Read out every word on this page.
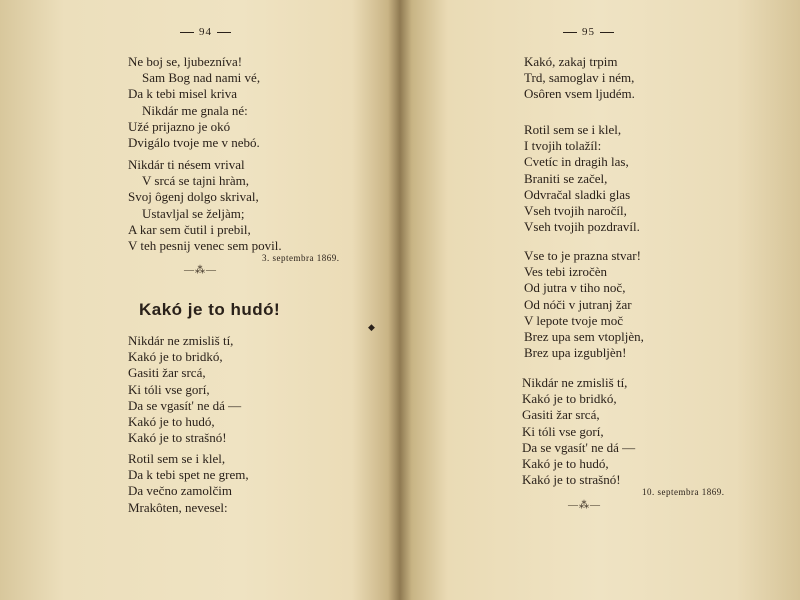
94
Ne boj se, ljubezníva!
Sam Bog nad nami vé,
Da k tebi misel kriva
Nikdár me gnala né:
Užé prijazno je okó
Dvigálo tvoje me v nebó.
Nikdár ti nésem vrival
V srcá se tajni hràm,
Svoj ôgenj dolgo skrival,
Ustavljal se željàm;
A kar sem čutil i prebil,
V teh pesnij venec sem povil.
3. septembra 1869.
—⁂—
Kakó je to hudó!
Nikdár ne zmisliš tí,
Kakó je to bridkó,
Gasiti žar srcá,
Ki tóli vse gorí,
Da se vgasít' ne dá —
Kakó je to hudó,
Kakó je to strašnó!
Rotil sem se i klel,
Da k tebi spet ne grem,
Da večno zamolčim
Mrakôten, nevesel:
◆
95
Kakó, zakaj trpim
Trd, samoglav i ném,
Osôren vsem ljudém.
Rotil sem se i klel,
I tvojih tolažíl:
Cvetíc in dragih las,
Braniti se začel,
Odvračal sladki glas
Vseh tvojih naročíl,
Vseh tvojih pozdravíl.
Vse to je prazna stvar!
Ves tebi izročèn
Od jutra v tiho noč,
Od nóči v jutranj žar
V lepote tvoje moč
Brez upa sem vtopljèn,
Brez upa izgubljèn!
Nikdár ne zmisliš tí,
Kakó je to bridkó,
Gasiti žar srcá,
Ki tóli vse gorí,
Da se vgasít' ne dá —
Kakó je to hudó,
Kakó je to strašnó!
10. septembra 1869.
—⁂—
